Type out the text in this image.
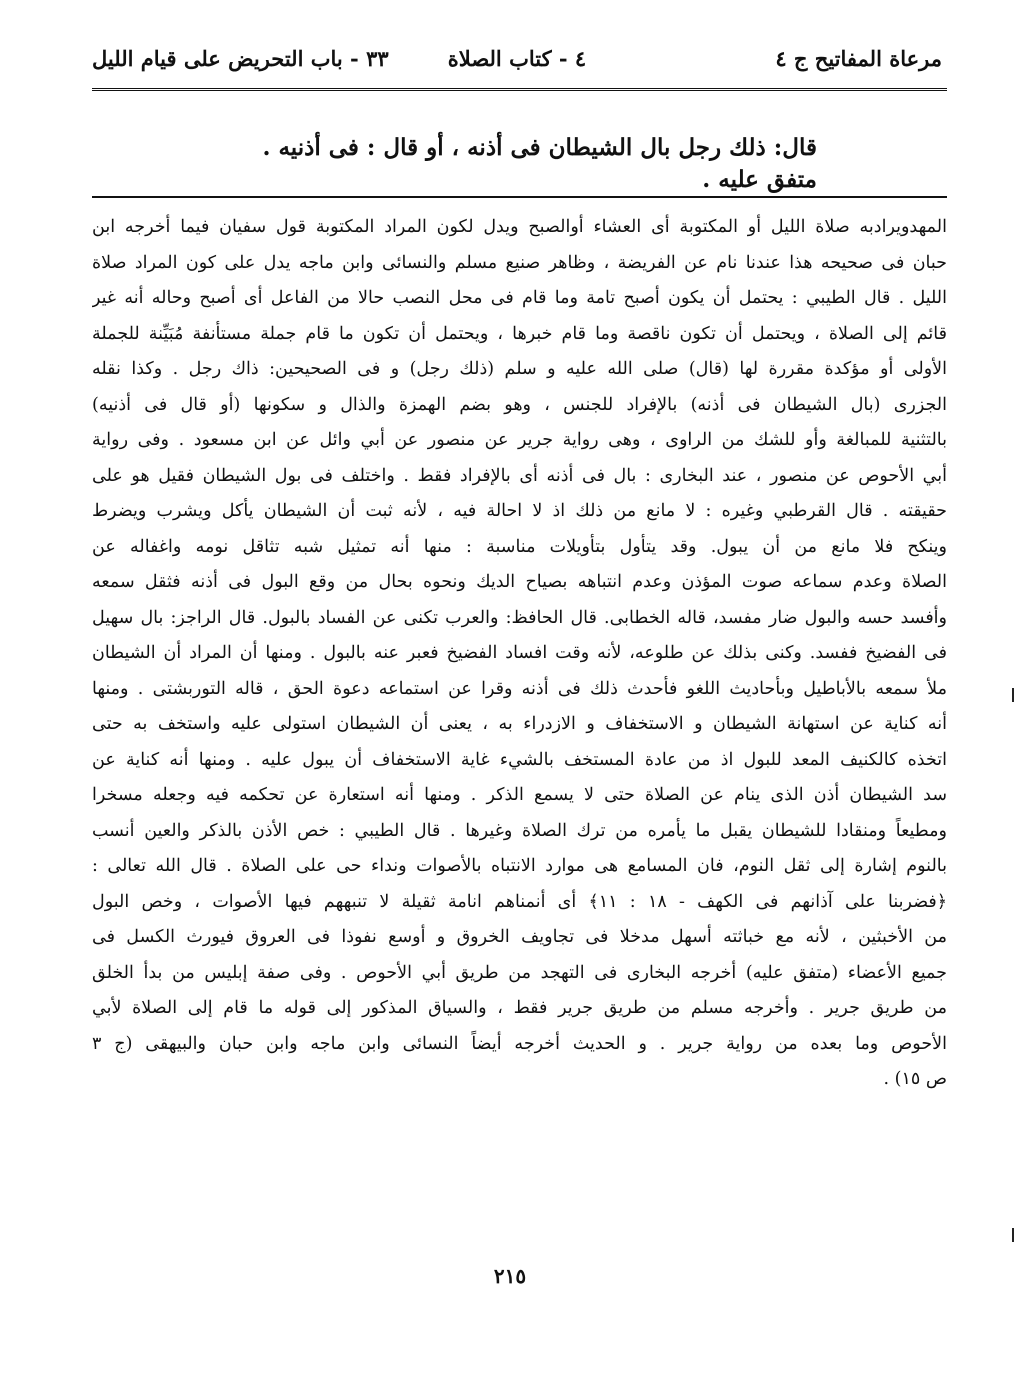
مرعاة المفاتيح ج ٤
٤ - كتاب الصلاة
٣٣ - باب التحريض على قيام الليل
قال: ذلك رجل بال الشيطان فى أذنه ، أو قال : فى أذنيه . متفق عليه .
المهدويرادبه صلاة الليل أو المكتوبة أى العشاء أوالصبح ويدل لكون المراد المكتوبة قول سفيان فيما أخرجه ابن
حبان فى صحيحه هذا عندنا نام عن الفريضة ، وظاهر صنيع مسلم والنسائى وابن ماجه يدل على كون المراد صلاة
الليل . قال الطيبي : يحتمل أن يكون أصبح تامة وما قام فى محل النصب حالا من الفاعل أى أصبح وحاله أنه غير
قائم إلى الصلاة ، ويحتمل أن تكون ناقصة وما قام خبرها ، ويحتمل أن تكون ما قام جملة مستأنفة مُبَيِّنة للجملة
الأولى أو مؤكدة مقررة لها (قال) صلى الله عليه و سلم (ذلك رجل) و فى الصحيحين: ذاك رجل . وكذا نقله
الجزرى (بال الشيطان فى أذنه) بالإفراد للجنس ، وهو بضم الهمزة والذال و سكونها (أو قال فى أذنيه)
بالتثنية للمبالغة وأو للشك من الراوى ، وهى رواية جرير عن منصور عن أبي وائل عن ابن مسعود . وفى رواية
أبي الأحوص عن منصور ، عند البخارى : بال فى أذنه أى بالإفراد فقط . واختلف فى بول الشيطان فقيل هو على
حقيقته . قال القرطبي وغيره : لا مانع من ذلك اذ لا احالة فيه ، لأنه ثبت أن الشيطان يأكل ويشرب ويضرط
وينكح فلا مانع من أن يبول. وقد يتأول بتأويلات مناسبة : منها أنه تمثيل شبه تثاقل نومه واغفاله عن
الصلاة وعدم سماعه صوت المؤذن وعدم انتباهه بصياح الديك ونحوه بحال من وقع البول فى أذنه فثقل سمعه
وأفسد حسه والبول ضار مفسد، قاله الخطابى. قال الحافظ: والعرب تكنى عن الفساد بالبول. قال الراجز: بال سهيل
فى الفضيخ ففسد. وكنى بذلك عن طلوعه، لأنه وقت افساد الفضيخ فعبر عنه بالبول . ومنها أن المراد أن الشيطان
ملأ سمعه بالأباطيل وبأحاديث اللغو فأحدث ذلك فى أذنه وقرا عن استماعه دعوة الحق ، قاله التوربشتى . ومنها
أنه كناية عن استهانة الشيطان و الاستخفاف و الازدراء به ، يعنى أن الشيطان استولى عليه واستخف به حتى
اتخذه كالكنيف المعد للبول اذ من عادة المستخف بالشيء غاية الاستخفاف أن يبول عليه . ومنها أنه كناية عن
سد الشيطان أذن الذى ينام عن الصلاة حتى لا يسمع الذكر . ومنها أنه استعارة عن تحكمه فيه وجعله مسخرا
ومطيعاً ومنقادا للشيطان يقبل ما يأمره من ترك الصلاة وغيرها . قال الطيبي : خص الأذن بالذكر والعين أنسب
بالنوم إشارة إلى ثقل النوم، فان المسامع هى موارد الانتباه بالأصوات ونداء حى على الصلاة . قال الله تعالى :
﴿فضربنا على آذانهم فى الكهف - ١٨ : ١١﴾ أى أنمناهم انامة ثقيلة لا تنبههم فيها الأصوات ، وخص البول
من الأخبثين ، لأنه مع خباثته أسهل مدخلا فى تجاويف الخروق و أوسع نفوذا فى العروق فيورث الكسل فى
جميع الأعضاء (متفق عليه) أخرجه البخارى فى التهجد من طريق أبي الأحوص . وفى صفة إبليس من بدأ الخلق
من طريق جرير . وأخرجه مسلم من طريق جرير فقط ، والسياق المذكور إلى قوله ما قام إلى الصلاة لأبي
الأحوص وما بعده من رواية جرير . و الحديث أخرجه أيضاً النسائى وابن ماجه وابن حبان والبيهقى (ج ٣
ص ١٥) .
٢١٥
